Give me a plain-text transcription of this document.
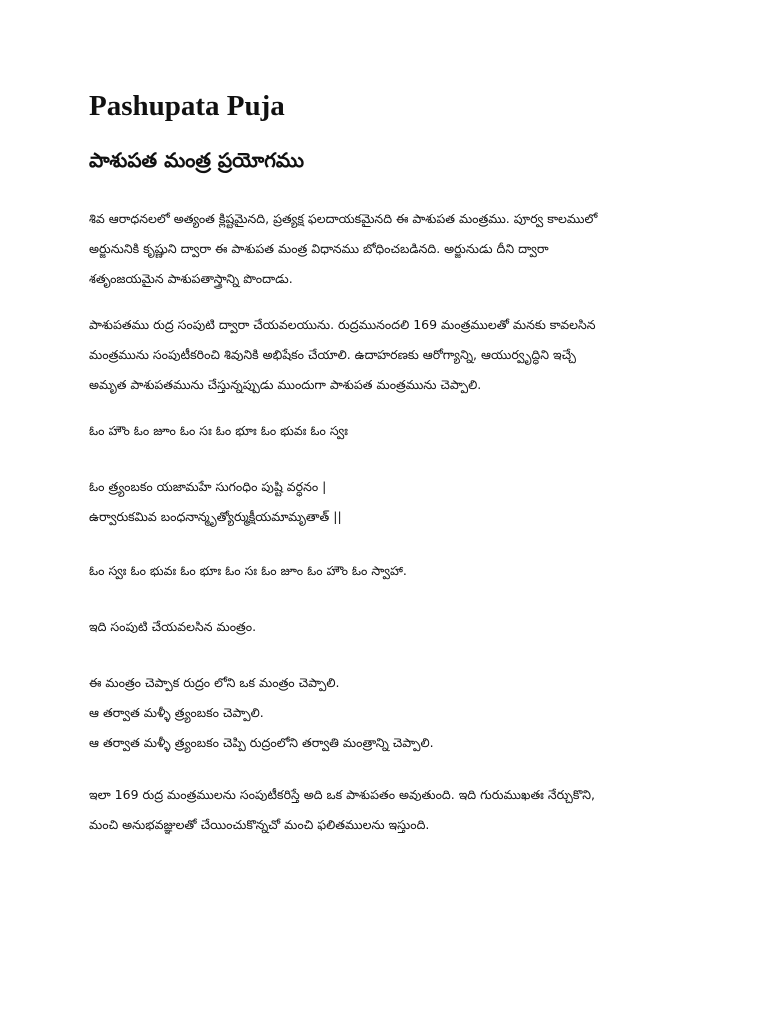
Pashupata Puja
పాశుపత మంత్ర ప్రయోగము

శివ ఆరాధనలలో అత్యంత క్లిష్టమైనది, ప్రత్యక్ష ఫలదాయకమైనది ఈ పాశుపత మంత్రము. పూర్వ కాలములో
అర్జునునికి కృష్ణుని ద్వారా ఈ పాశుపత మంత్ర విధానము బోధించబడినది. అర్జునుడు దీని ద్వారా
శతృంజయమైన పాశుపతాస్త్రాన్ని పొందాడు.

పాశుపతము రుద్ర సంపుటి ద్వారా చేయవలయును. రుద్రమునందలి 169 మంత్రములతో మనకు కావలసిన
మంత్రమును సంపుటీకరించి శివునికి అభిషేకం చేయాలి. ఉదాహరణకు ఆరోగ్యాన్ని, ఆయుర్వృద్ధిని ఇచ్చే
అమృత పాశుపతమును చేస్తున్నప్పుడు ముందుగా పాశుపత మంత్రమును చెప్పాలి.

ఓం హౌం ఓం జూం ఓం సః ఓం భూః ఓం భువః ఓం స్వః

ఓం త్ర్యంబకం యజామహే సుగంధిం పుష్టి వర్ధనం |
ఉర్వారుకమివ బంధనాన్మృత్యోర్ముక్షీయమామృతాత్ ||

ఓం స్వః ఓం భువః ఓం భూః ఓం సః ఓం జూం ఓం హౌం ఓం స్వాహా.

ఇది సంపుటి చేయవలసిన మంత్రం.

ఈ మంత్రం చెప్పాక రుద్రం లోని ఒక మంత్రం చెప్పాలి.
ఆ తర్వాత మళ్ళీ త్ర్యంబకం చెప్పాలి.
ఆ తర్వాత మళ్ళీ త్ర్యంబకం చెప్పి రుద్రంలోని తర్వాతి మంత్రాన్ని చెప్పాలి.

ఇలా 169 రుద్ర మంత్రములను సంపుటీకరిస్తే అది ఒక పాశుపతం అవుతుంది. ఇది గురుముఖతః నేర్చుకొని,
మంచి అనుభవజ్ఞులతో చేయించుకొన్నచో మంచి ఫలితములను ఇస్తుంది.
